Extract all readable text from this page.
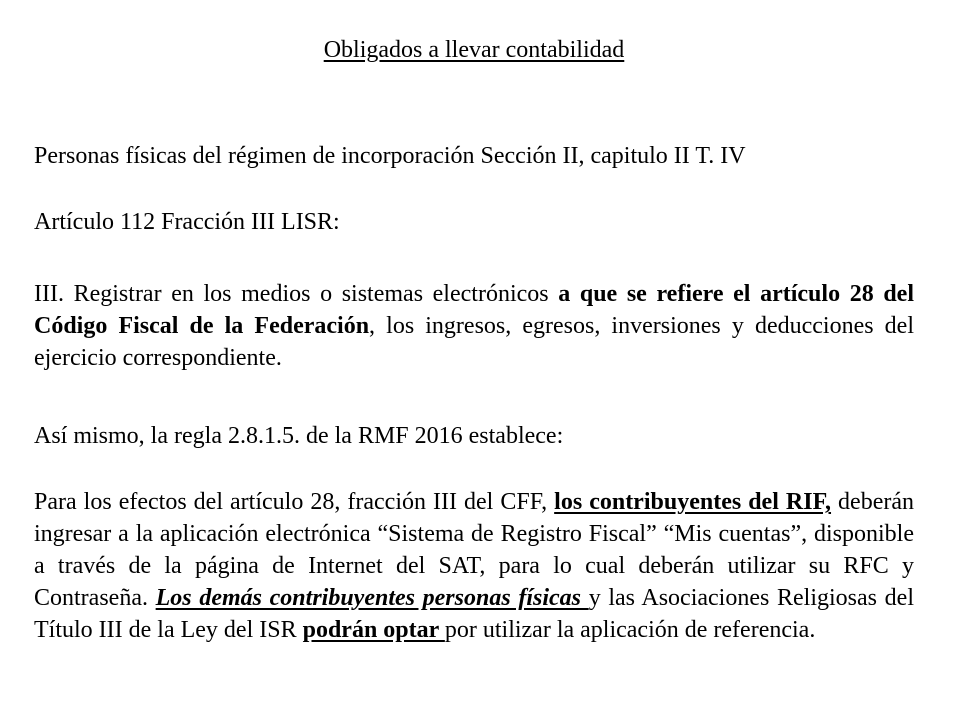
Obligados a llevar contabilidad

Personas físicas del régimen de incorporación Sección II, capitulo II T. IV

Artículo 112 Fracción III LISR:

III. Registrar en los medios o sistemas electrónicos a que se refiere el artículo 28 del Código Fiscal de la Federación, los ingresos, egresos, inversiones y deducciones del ejercicio correspondiente.

Así mismo, la regla 2.8.1.5. de la RMF 2016 establece:

Para los efectos del artículo 28, fracción III del CFF, los contribuyentes del RIF, deberán ingresar a la aplicación electrónica “Sistema de Registro Fiscal” “Mis cuentas”, disponible a través de la página de Internet del SAT, para lo cual deberán utilizar su RFC y Contraseña. Los demás contribuyentes personas físicas y las Asociaciones Religiosas del Título III de la Ley del ISR podrán optar por utilizar la aplicación de referencia.
